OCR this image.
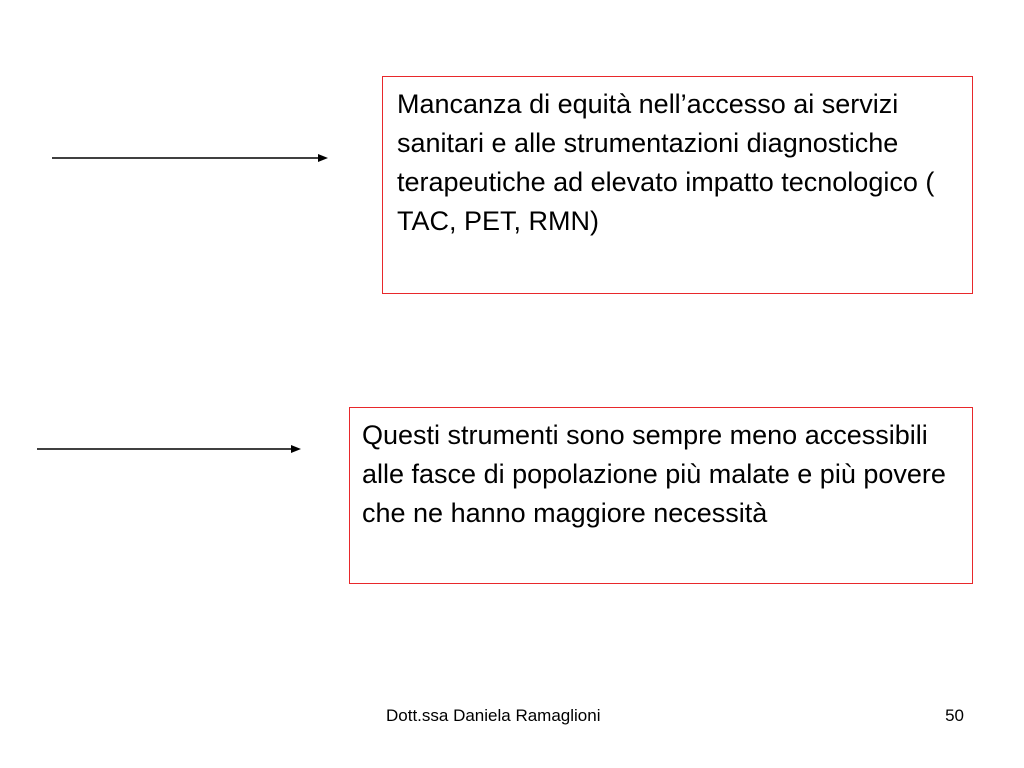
Mancanza di equità nell’accesso ai servizi sanitari e alle strumentazioni diagnostiche terapeutiche ad elevato impatto tecnologico ( TAC, PET, RMN)

Questi strumenti sono sempre meno accessibili alle fasce di popolazione più malate e più povere che ne hanno maggiore necessità

Dott.ssa Daniela Ramaglioni	50
